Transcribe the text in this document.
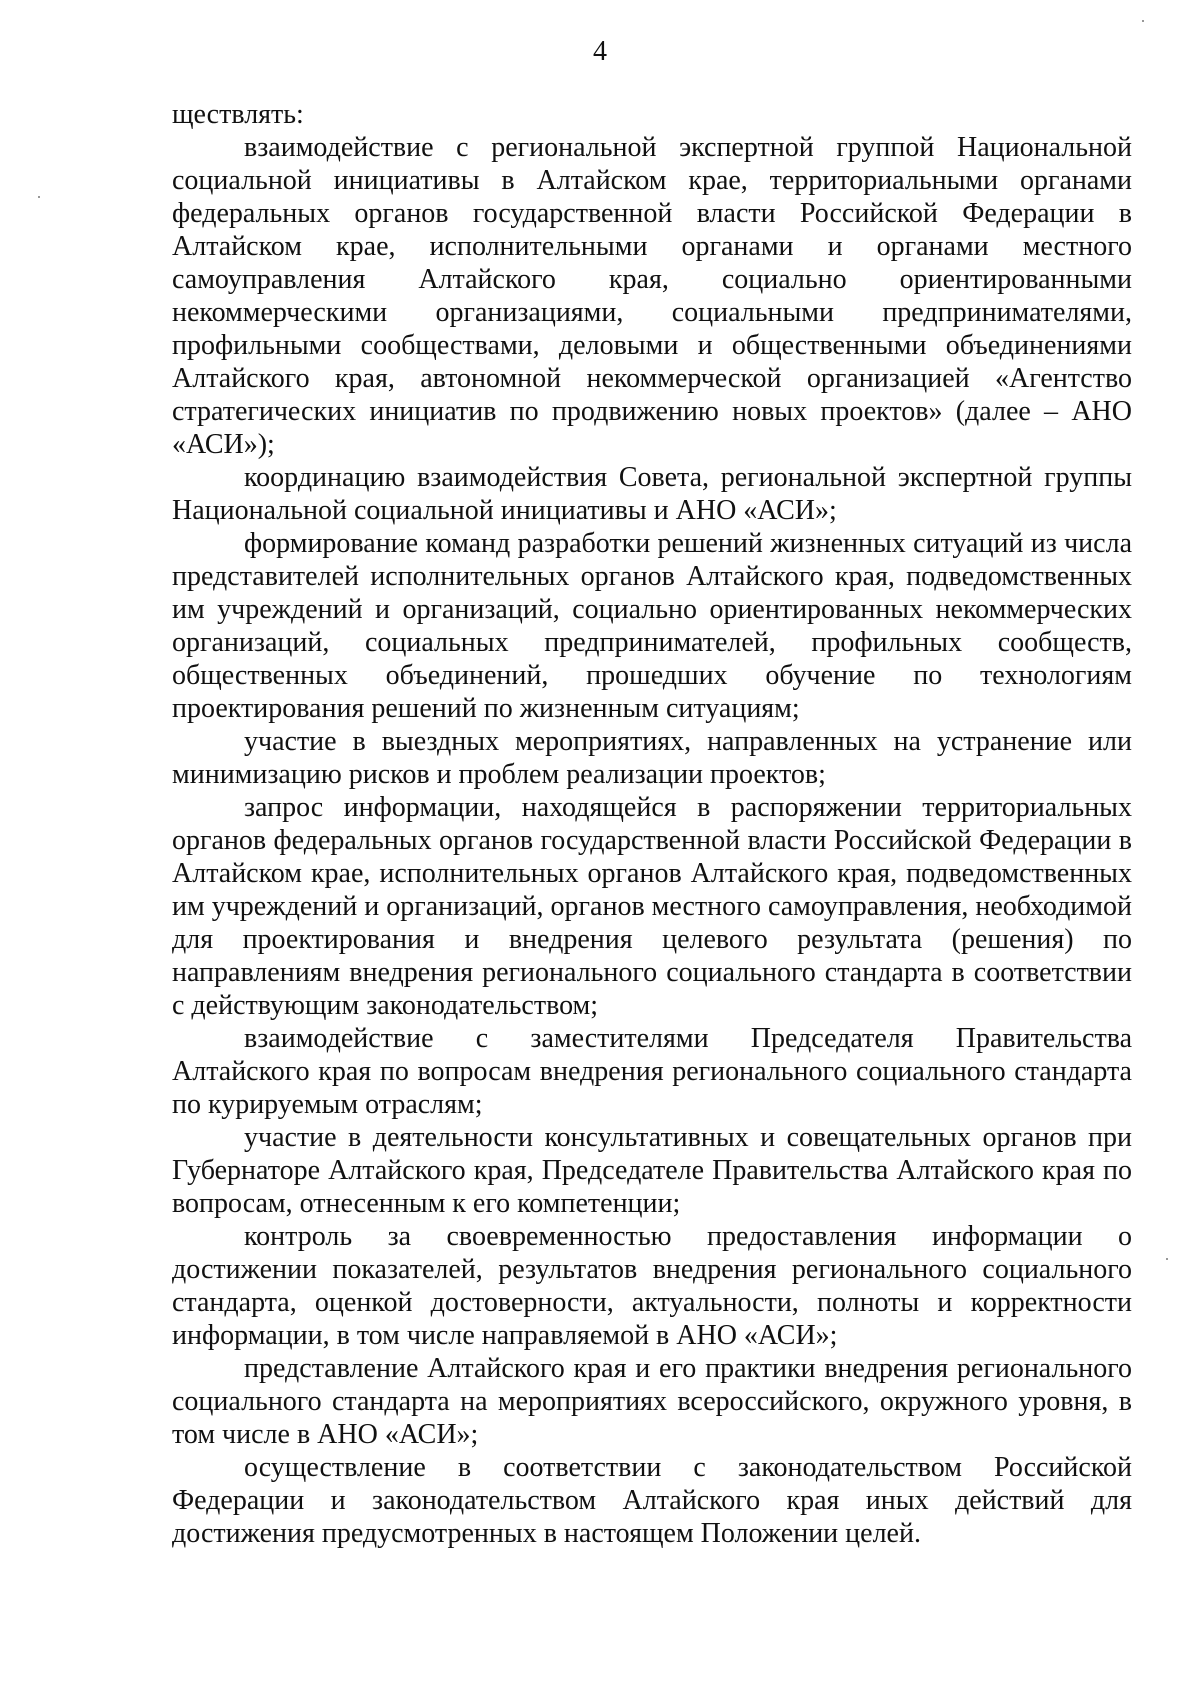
4

ществлять:

взаимодействие с региональной экспертной группой Национальной социальной инициативы в Алтайском крае, территориальными органами федеральных органов государственной власти Российской Федерации в Алтайском крае, исполнительными органами и органами местного самоуправления Алтайского края, социально ориентированными некоммерческими организациями, социальными предпринимателями, профильными сообществами, деловыми и общественными объединениями Алтайского края, автономной некоммерческой организацией «Агентство стратегических инициатив по продвижению новых проектов» (далее – АНО «АСИ»);

координацию взаимодействия Совета, региональной экспертной группы Национальной социальной инициативы и АНО «АСИ»;

формирование команд разработки решений жизненных ситуаций из числа представителей исполнительных органов Алтайского края, подведомственных им учреждений и организаций, социально ориентированных некоммерческих организаций, социальных предпринимателей, профильных сообществ, общественных объединений, прошедших обучение по технологиям проектирования решений по жизненным ситуациям;

участие в выездных мероприятиях, направленных на устранение или минимизацию рисков и проблем реализации проектов;

запрос информации, находящейся в распоряжении территориальных органов федеральных органов государственной власти Российской Федерации в Алтайском крае, исполнительных органов Алтайского края, подведомственных им учреждений и организаций, органов местного самоуправления, необходимой для проектирования и внедрения целевого результата (решения) по направлениям внедрения регионального социального стандарта в соответствии с действующим законодательством;

взаимодействие с заместителями Председателя Правительства Алтайского края по вопросам внедрения регионального социального стандарта по курируемым отраслям;

участие в деятельности консультативных и совещательных органов при Губернаторе Алтайского края, Председателе Правительства Алтайского края по вопросам, отнесенным к его компетенции;

контроль за своевременностью предоставления информации о достижении показателей, результатов внедрения регионального социального стандарта, оценкой достоверности, актуальности, полноты и корректности информации, в том числе направляемой в АНО «АСИ»;

представление Алтайского края и его практики внедрения регионального социального стандарта на мероприятиях всероссийского, окружного уровня, в том числе в АНО «АСИ»;

осуществление в соответствии с законодательством Российской Федерации и законодательством Алтайского края иных действий для достижения предусмотренных в настоящем Положении целей.
